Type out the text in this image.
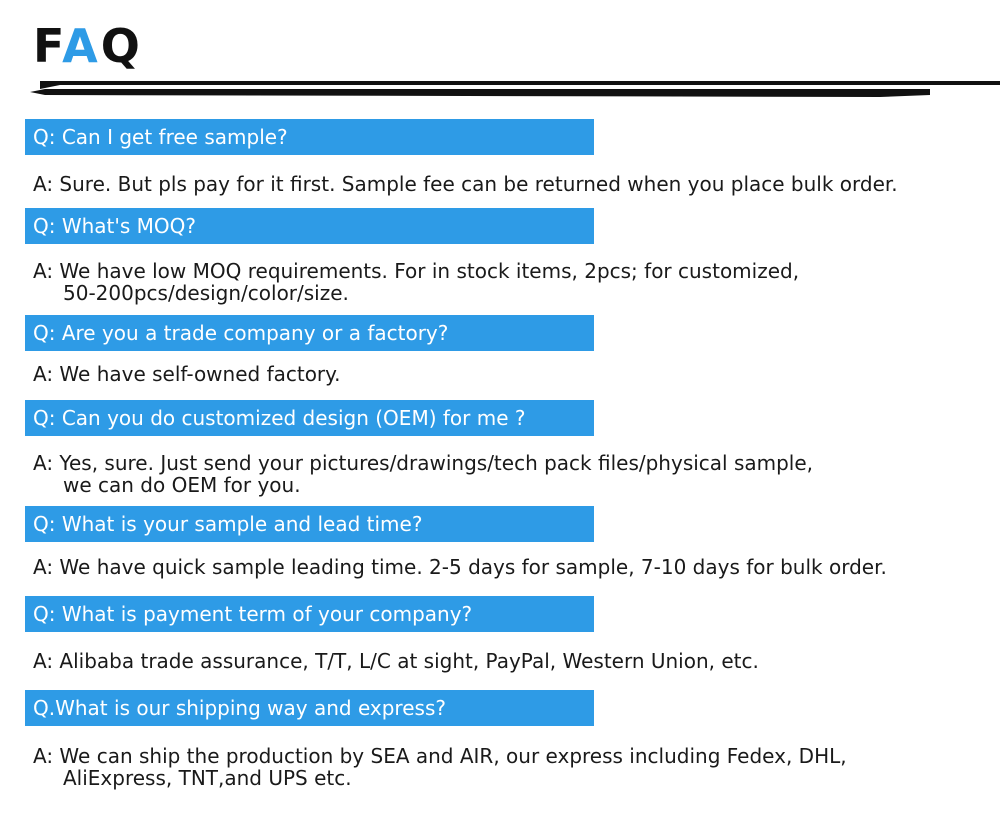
FAQ
Q: Can I get free sample?
A: Sure. But pls pay for it first. Sample fee can be returned when you place bulk order.
Q: What's MOQ?
A: We have low MOQ requirements. For in stock items, 2pcs; for customized,
50-200pcs/design/color/size.
Q: Are you a trade company or a factory?
A: We have self-owned factory.
Q: Can you do customized design (OEM) for me ?
A: Yes, sure. Just send your pictures/drawings/tech pack files/physical sample,
we can do OEM for you.
Q: What is your sample and lead time?
A: We have quick sample leading time. 2-5 days for sample, 7-10 days for bulk order.
Q: What is payment term of your company?
A: Alibaba trade assurance, T/T, L/C at sight, PayPal, Western Union, etc.
Q.What is our shipping way and express?
A: We can ship the production by SEA and AIR, our express including Fedex, DHL,
AliExpress, TNT,and UPS etc.
